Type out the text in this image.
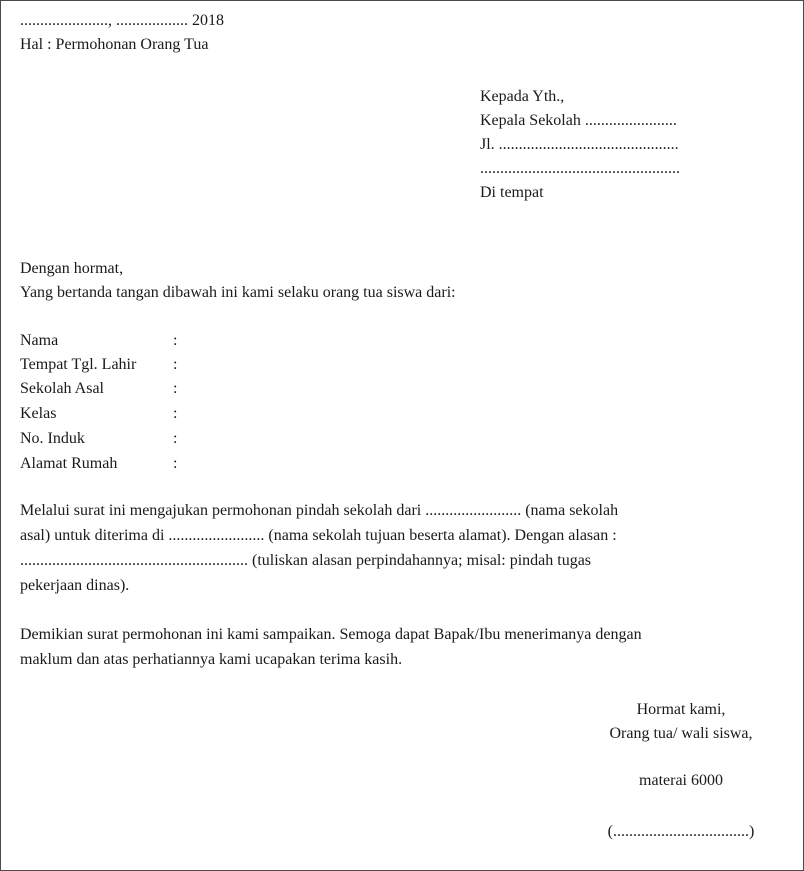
......................, .................. 2018
Hal : Permohonan Orang Tua
Kepada Yth.,
Kepala Sekolah .......................
Jl. .............................................
..................................................
Di tempat
Dengan hormat,
Yang bertanda tangan dibawah ini kami selaku orang tua siswa dari:
Nama	:
Tempat Tgl. Lahir :
Sekolah Asal	:
Kelas	:
No. Induk	:
Alamat Rumah	:
Melalui surat ini mengajukan permohonan pindah sekolah dari ........................ (nama sekolah
asal) untuk diterima di ........................ (nama sekolah tujuan beserta alamat). Dengan alasan :
......................................................... (tuliskan alasan perpindahannya; misal: pindah tugas
pekerjaan dinas).
Demikian surat permohonan ini kami sampaikan. Semoga dapat Bapak/Ibu menerimanya dengan
maklum dan atas perhatiannya kami ucapakan terima kasih.
Hormat kami,
Orang tua/ wali siswa,
materai 6000
(..................................)
